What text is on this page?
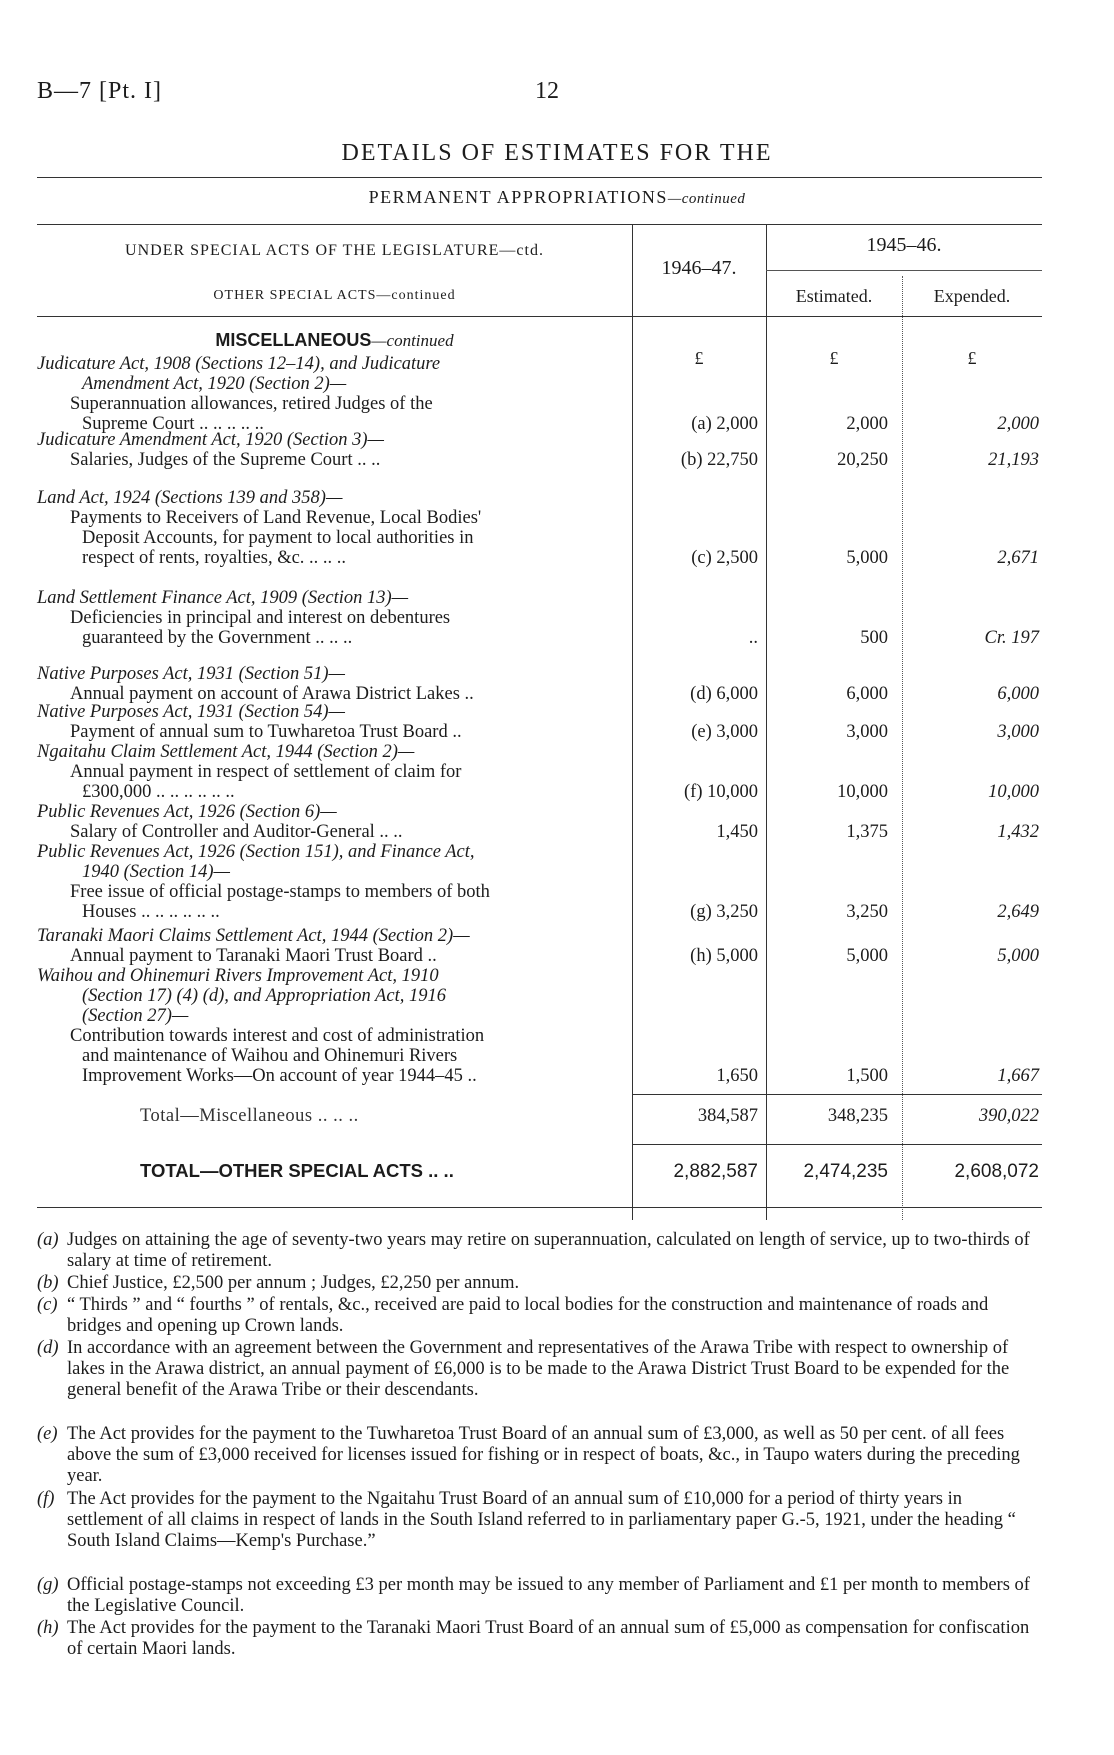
B—7 [Pt. I]	12
DETAILS OF ESTIMATES FOR THE
PERMANENT APPROPRIATIONS—continued
UNDER SPECIAL ACTS OF THE LEGISLATURE—ctd.
OTHER SPECIAL ACTS—continued
1946–47.
1945–46.
Estimated.	Expended.
MISCELLANEOUS—continued
£	£	£
Judicature Act, 1908 (Sections 12–14), and Judicature
Amendment Act, 1920 (Section 2)—
Superannuation allowances, retired Judges of the
Supreme Court .. .. .. .. ..	(a) 2,000	2,000	2,000
Judicature Amendment Act, 1920 (Section 3)—
Salaries, Judges of the Supreme Court .. ..	(b) 22,750	20,250	21,193
Land Act, 1924 (Sections 139 and 358)—
Payments to Receivers of Land Revenue, Local Bodies'
Deposit Accounts, for payment to local authorities in
respect of rents, royalties, &c. .. .. ..	(c) 2,500	5,000	2,671
Land Settlement Finance Act, 1909 (Section 13)—
Deficiencies in principal and interest on debentures
guaranteed by the Government .. .. ..	..	500	Cr. 197
Native Purposes Act, 1931 (Section 51)—
Annual payment on account of Arawa District Lakes ..	(d) 6,000	6,000	6,000
Native Purposes Act, 1931 (Section 54)—
Payment of annual sum to Tuwharetoa Trust Board ..	(e) 3,000	3,000	3,000
Ngaitahu Claim Settlement Act, 1944 (Section 2)—
Annual payment in respect of settlement of claim for
£300,000 .. .. .. .. .. ..	(f) 10,000	10,000	10,000
Public Revenues Act, 1926 (Section 6)—
Salary of Controller and Auditor-General .. ..	1,450	1,375	1,432
Public Revenues Act, 1926 (Section 151), and Finance Act,
1940 (Section 14)—
Free issue of official postage-stamps to members of both
Houses .. .. .. .. .. ..	(g) 3,250	3,250	2,649
Taranaki Maori Claims Settlement Act, 1944 (Section 2)—
Annual payment to Taranaki Maori Trust Board ..	(h) 5,000	5,000	5,000
Waihou and Ohinemuri Rivers Improvement Act, 1910
(Section 17) (4) (d), and Appropriation Act, 1916
(Section 27)—
Contribution towards interest and cost of administration
and maintenance of Waihou and Ohinemuri Rivers
Improvement Works—On account of year 1944–45 ..	1,650	1,500	1,667
Total—Miscellaneous .. .. ..	384,587	348,235	390,022
TOTAL—OTHER SPECIAL ACTS .. ..	2,882,587	2,474,235	2,608,072
(a) Judges on attaining the age of seventy-two years may retire on superannuation, calculated on length of service, up to two-thirds of salary at time of retirement.
(b) Chief Justice, £2,500 per annum ; Judges, £2,250 per annum.
(c) “ Thirds ” and “ fourths ” of rentals, &c., received are paid to local bodies for the construction and maintenance of roads and bridges and opening up Crown lands.
(d) In accordance with an agreement between the Government and representatives of the Arawa Tribe with respect to ownership of lakes in the Arawa district, an annual payment of £6,000 is to be made to the Arawa District Trust Board to be expended for the general benefit of the Arawa Tribe or their descendants.
(e) The Act provides for the payment to the Tuwharetoa Trust Board of an annual sum of £3,000, as well as 50 per cent. of all fees above the sum of £3,000 received for licenses issued for fishing or in respect of boats, &c., in Taupo waters during the preceding year.
(f) The Act provides for the payment to the Ngaitahu Trust Board of an annual sum of £10,000 for a period of thirty years in settlement of all claims in respect of lands in the South Island referred to in parliamentary paper G.-5, 1921, under the heading “ South Island Claims—Kemp's Purchase.”
(g) Official postage-stamps not exceeding £3 per month may be issued to any member of Parliament and £1 per month to members of the Legislative Council.
(h) The Act provides for the payment to the Taranaki Maori Trust Board of an annual sum of £5,000 as compensation for confiscation of certain Maori lands.
